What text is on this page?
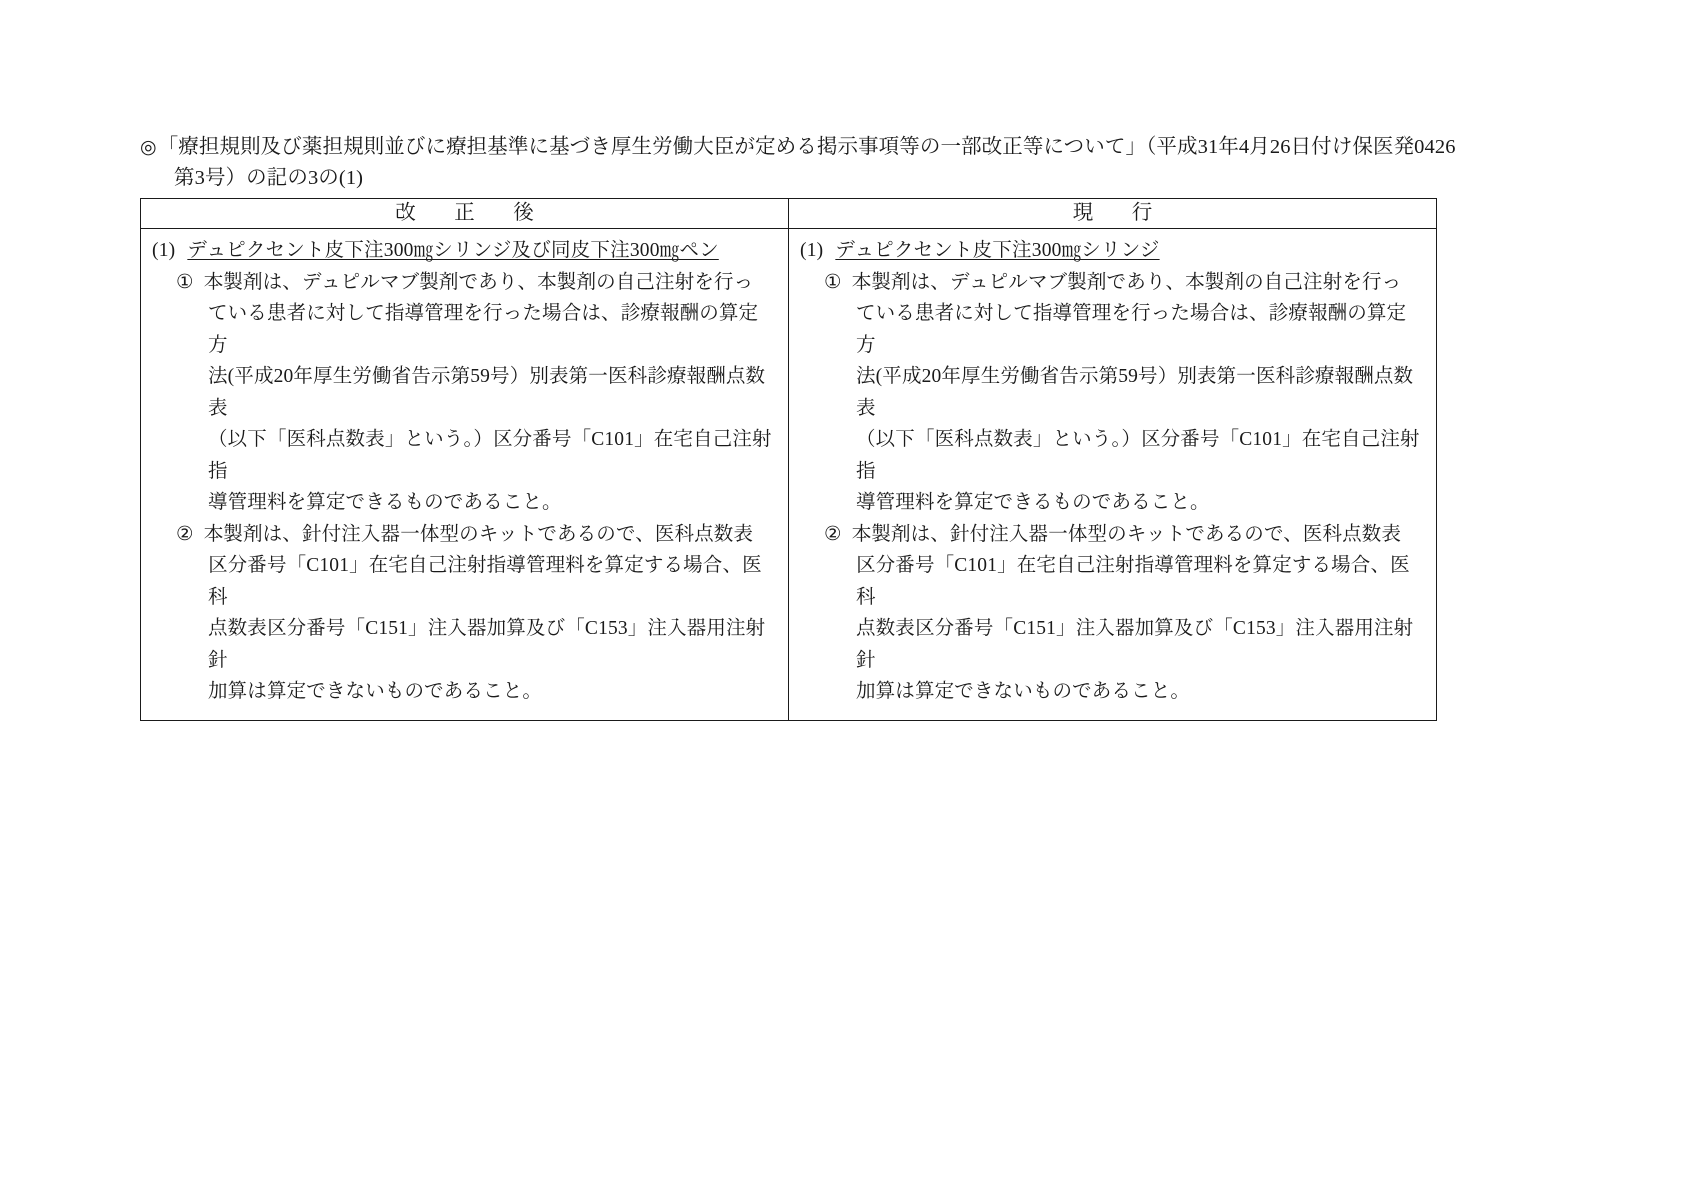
◎「療担規則及び薬担規則並びに療担基準に基づき厚生労働大臣が定める掲示事項等の一部改正等について」（平成31年4月26日付け保医発0426
第3号）の記の3の(1)
改　正　後	現　行

(1) デュピクセント皮下注300㎎シリンジ及び同皮下注300㎎ペン
① 本製剤は、デュピルマブ製剤であり、本製剤の自己注射を行っ
ている患者に対して指導管理を行った場合は、診療報酬の算定方
法(平成20年厚生労働省告示第59号）別表第一医科診療報酬点数表
（以下「医科点数表」という。）区分番号「C101」在宅自己注射指
導管理料を算定できるものであること。
② 本製剤は、針付注入器一体型のキットであるので、医科点数表
区分番号「C101」在宅自己注射指導管理料を算定する場合、医科
点数表区分番号「C151」注入器加算及び「C153」注入器用注射針
加算は算定できないものであること。

(1) デュピクセント皮下注300㎎シリンジ
① 本製剤は、デュピルマブ製剤であり、本製剤の自己注射を行っ
ている患者に対して指導管理を行った場合は、診療報酬の算定方
法(平成20年厚生労働省告示第59号）別表第一医科診療報酬点数表
（以下「医科点数表」という。）区分番号「C101」在宅自己注射指
導管理料を算定できるものであること。
② 本製剤は、針付注入器一体型のキットであるので、医科点数表
区分番号「C101」在宅自己注射指導管理料を算定する場合、医科
点数表区分番号「C151」注入器加算及び「C153」注入器用注射針
加算は算定できないものであること。
